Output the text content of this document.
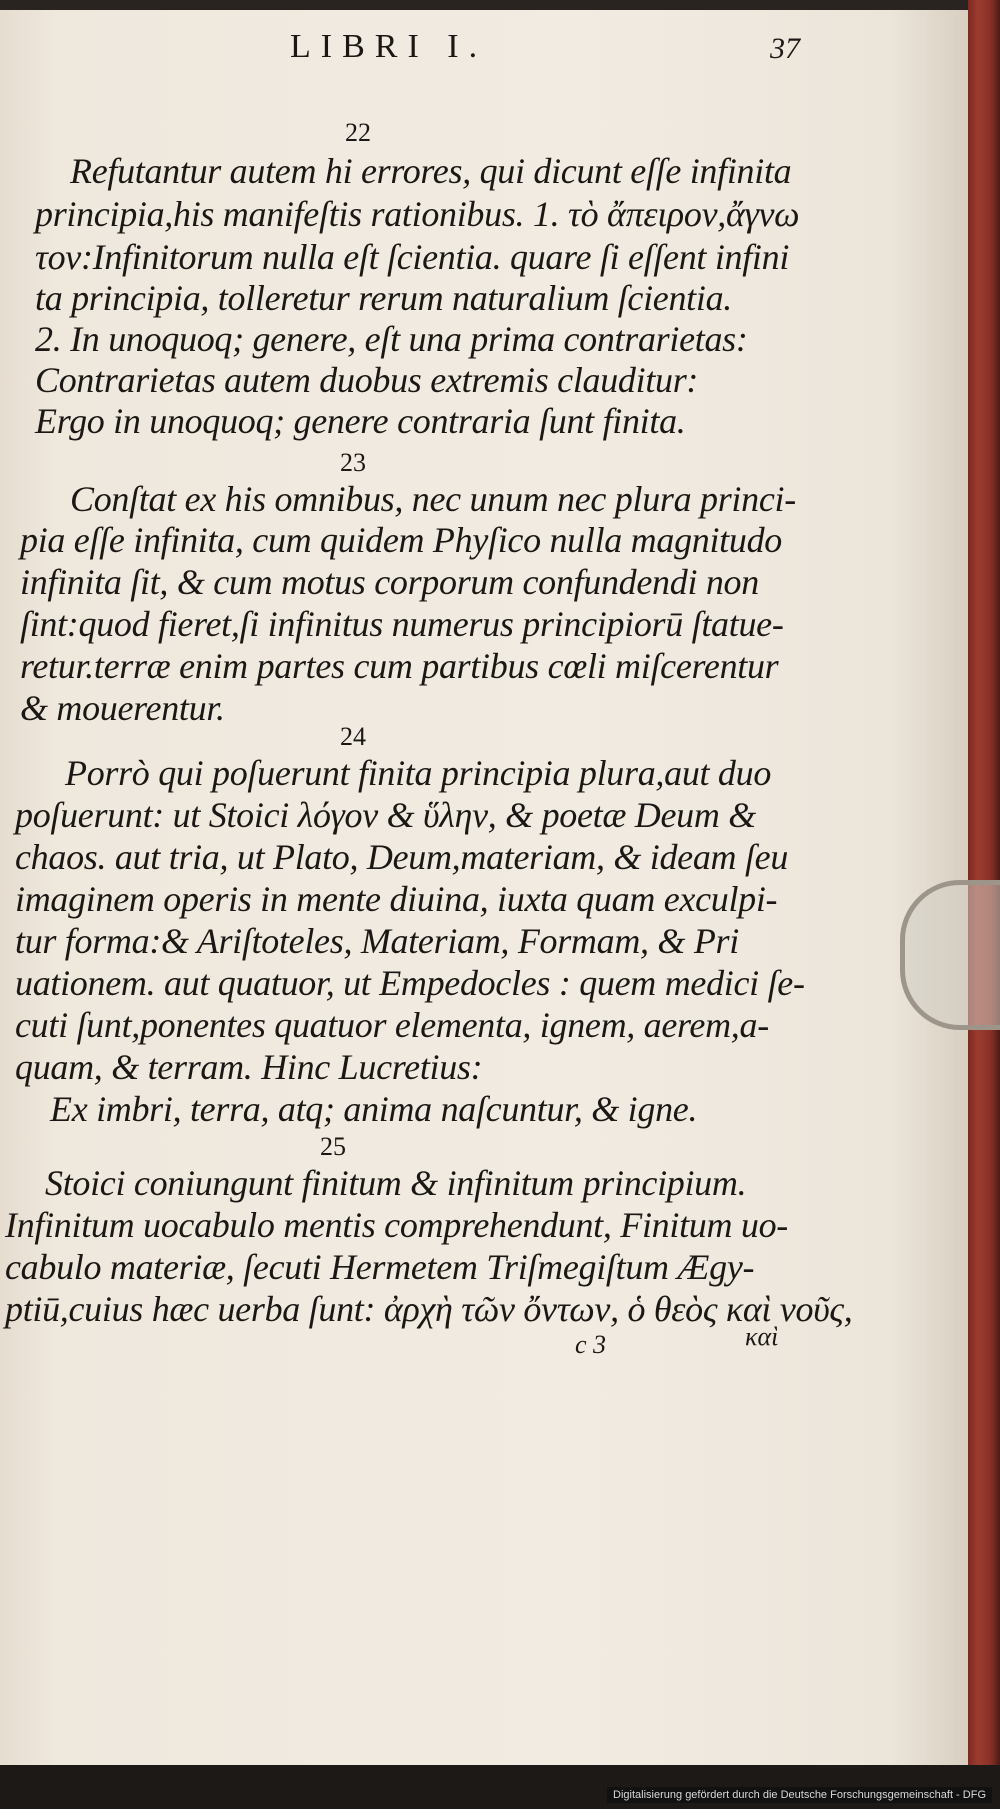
LIBRI I.	37
22
Refutantur autem hi errores, qui dicunt eſſe infinita
principia,his manifeſtis rationibus. 1. τὸ ἄπειρον,ἄγνω
τον:Infinitorum nulla eſt ſcientia. quare ſi eſſent infini
ta principia, tolleretur rerum naturalium ſcientia.
2. In unoquoq; genere, eſt una prima contrarietas:
Contrarietas autem duobus extremis clauditur:
Ergo in unoquoq; genere contraria ſunt finita.
23
Conſtat ex his omnibus, nec unum nec plura princi-
pia eſſe infinita, cum quidem Phyſico nulla magnitudo
infinita ſit, & cum motus corporum confundendi non
ſint:quod fieret,ſi infinitus numerus principiorū ſtatue-
retur.terræ enim partes cum partibus cœli miſcerentur
& mouerentur.
24
Porrò qui poſuerunt finita principia plura,aut duo
poſuerunt: ut Stoici λόγον & ὕλην, & poetæ Deum &
chaos. aut tria, ut Plato, Deum,materiam, & ideam ſeu
imaginem operis in mente diuina, iuxta quam exculpi-
tur forma:& Ariſtoteles, Materiam, Formam, & Pri
uationem. aut quatuor, ut Empedocles : quem medici ſe-
cuti ſunt,ponentes quatuor elementa, ignem, aerem,a-
quam, & terram. Hinc Lucretius:
Ex imbri, terra, atq; anima naſcuntur, & igne.
25
Stoici coniungunt finitum & infinitum principium.
Infinitum uocabulo mentis comprehendunt, Finitum uo-
cabulo materiæ, ſecuti Hermetem Triſmegiſtum Ægy-
ptiū,cuius hæc uerba ſunt: ἀρχὴ τῶν ὄντων, ὁ θεὸς καὶ νοῦς,
c 3	καὶ
Digitalisierung gefördert durch die Deutsche Forschungsgemeinschaft - DFG
